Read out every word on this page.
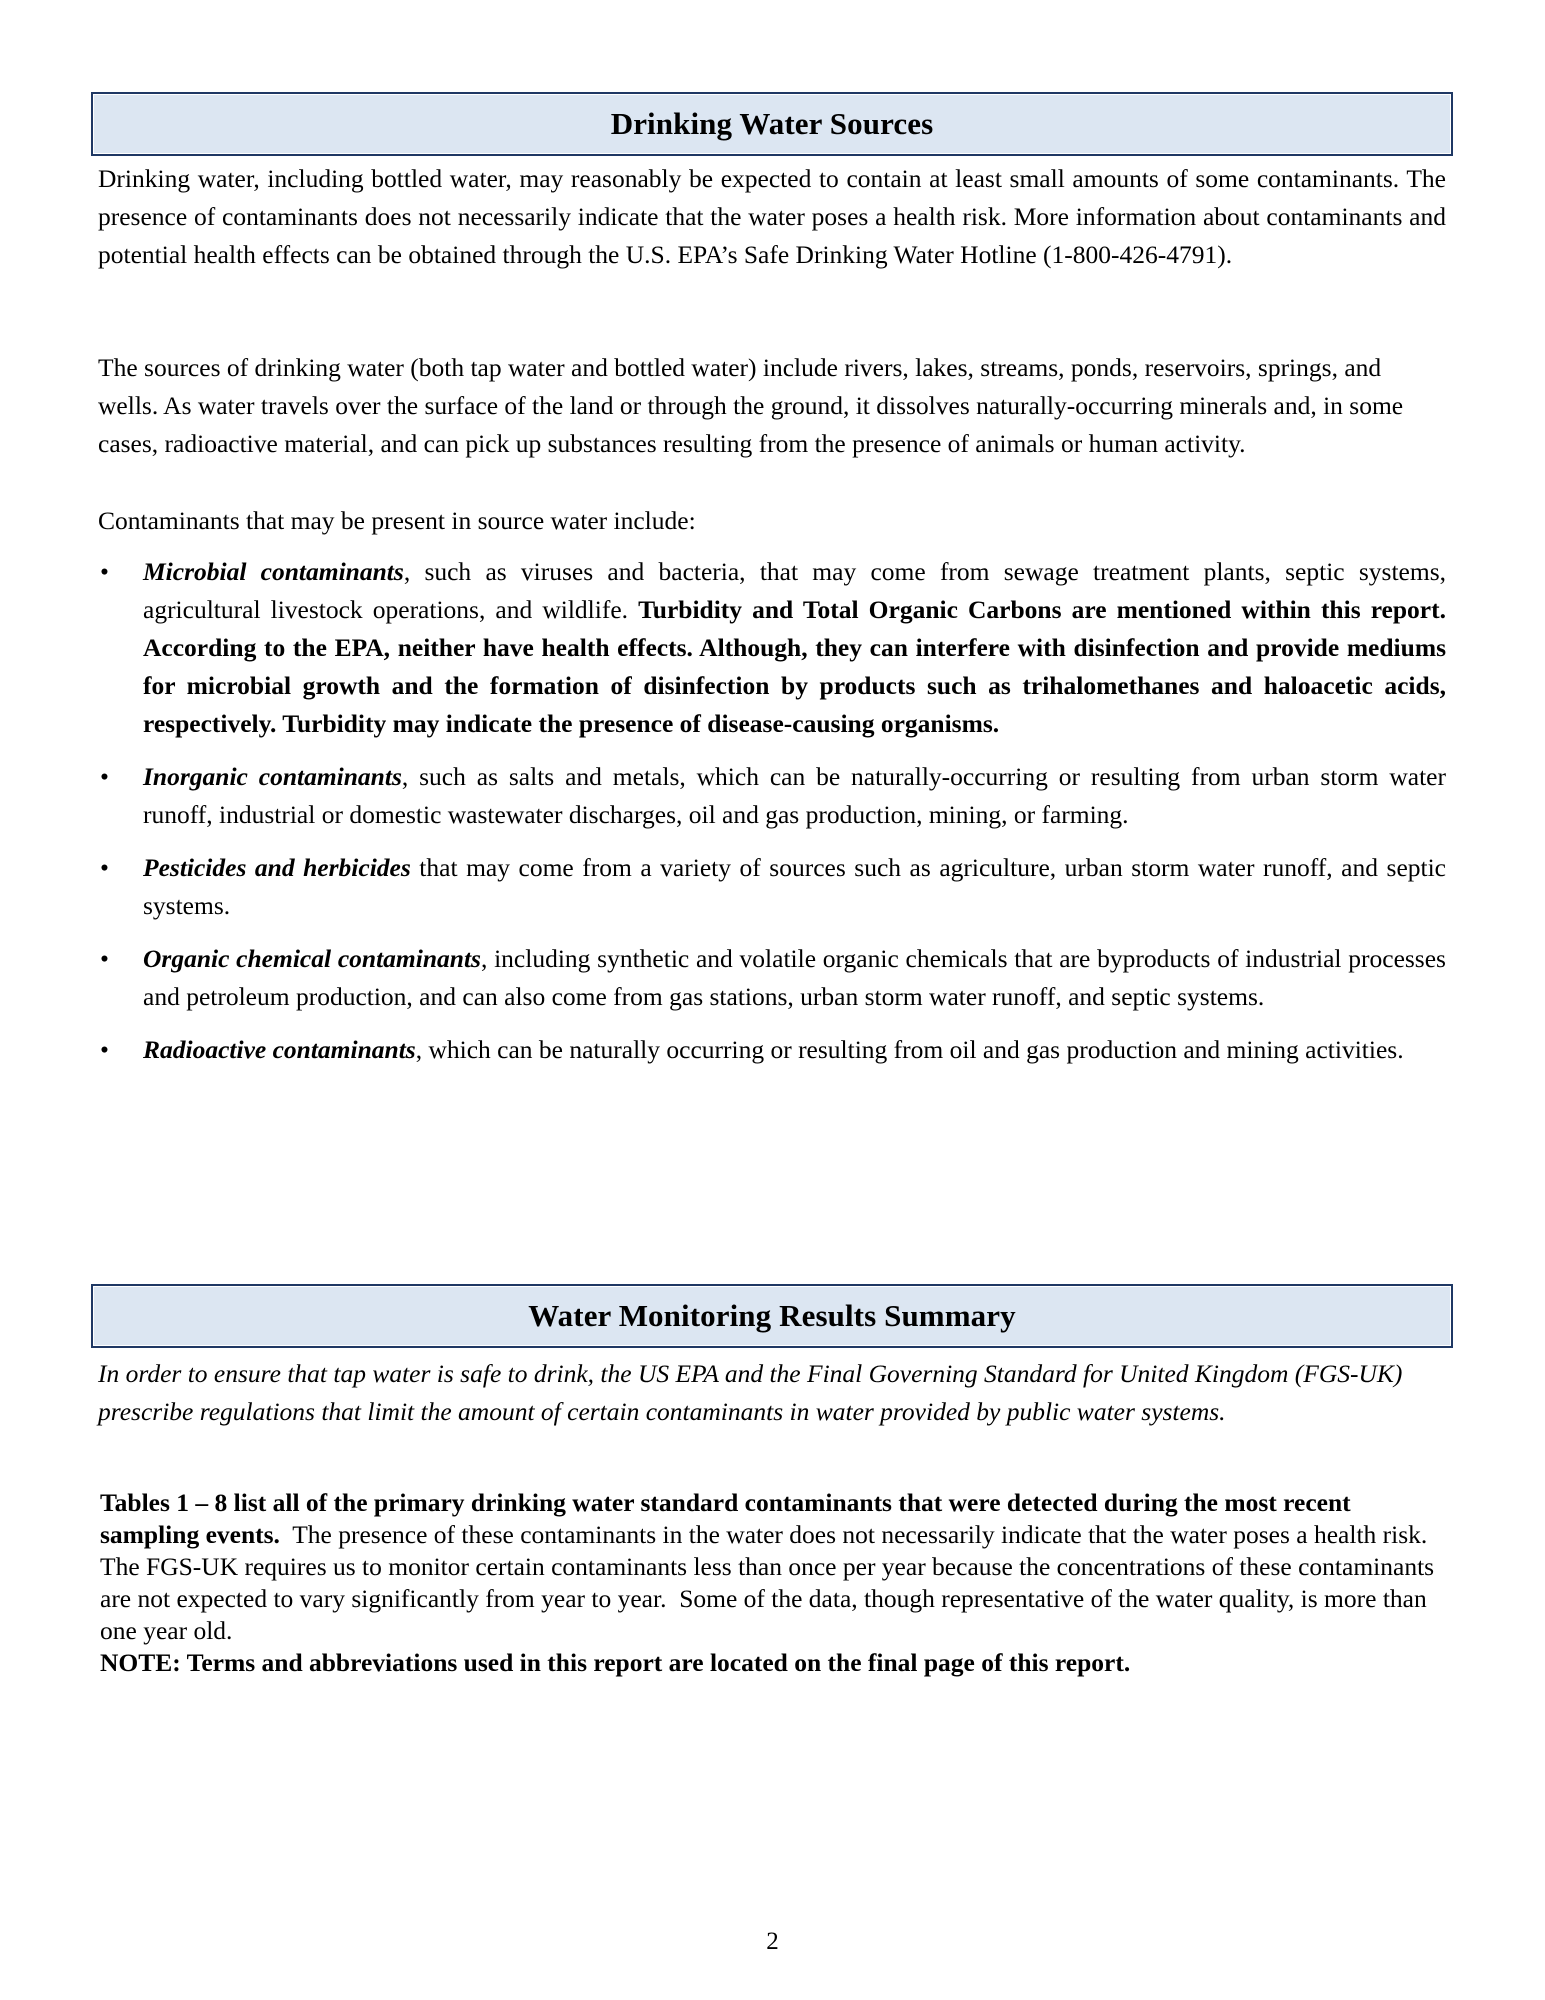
Drinking Water Sources

Drinking water, including bottled water, may reasonably be expected to contain at least small amounts of some contaminants. The presence of contaminants does not necessarily indicate that the water poses a health risk. More information about contaminants and potential health effects can be obtained through the U.S. EPA’s Safe Drinking Water Hotline (1-800-426-4791).

The sources of drinking water (both tap water and bottled water) include rivers, lakes, streams, ponds, reservoirs, springs, and wells. As water travels over the surface of the land or through the ground, it dissolves naturally-occurring minerals and, in some cases, radioactive material, and can pick up substances resulting from the presence of animals or human activity.

Contaminants that may be present in source water include:

• Microbial contaminants, such as viruses and bacteria, that may come from sewage treatment plants, septic systems, agricultural livestock operations, and wildlife. Turbidity and Total Organic Carbons are mentioned within this report. According to the EPA, neither have health effects. Although, they can interfere with disinfection and provide mediums for microbial growth and the formation of disinfection by products such as trihalomethanes and haloacetic acids, respectively. Turbidity may indicate the presence of disease-causing organisms.
• Inorganic contaminants, such as salts and metals, which can be naturally-occurring or resulting from urban storm water runoff, industrial or domestic wastewater discharges, oil and gas production, mining, or farming.
• Pesticides and herbicides that may come from a variety of sources such as agriculture, urban storm water runoff, and septic systems.
• Organic chemical contaminants, including synthetic and volatile organic chemicals that are byproducts of industrial processes and petroleum production, and can also come from gas stations, urban storm water runoff, and septic systems.
• Radioactive contaminants, which can be naturally occurring or resulting from oil and gas production and mining activities.
Water Monitoring Results Summary

In order to ensure that tap water is safe to drink, the US EPA and the Final Governing Standard for United Kingdom (FGS-UK) prescribe regulations that limit the amount of certain contaminants in water provided by public water systems.

Tables 1 – 8 list all of the primary drinking water standard contaminants that were detected during the most recent sampling events.  The presence of these contaminants in the water does not necessarily indicate that the water poses a health risk.  The FGS-UK requires us to monitor certain contaminants less than once per year because the concentrations of these contaminants are not expected to vary significantly from year to year.  Some of the data, though representative of the water quality, is more than one year old.
NOTE: Terms and abbreviations used in this report are located on the final page of this report.

2
